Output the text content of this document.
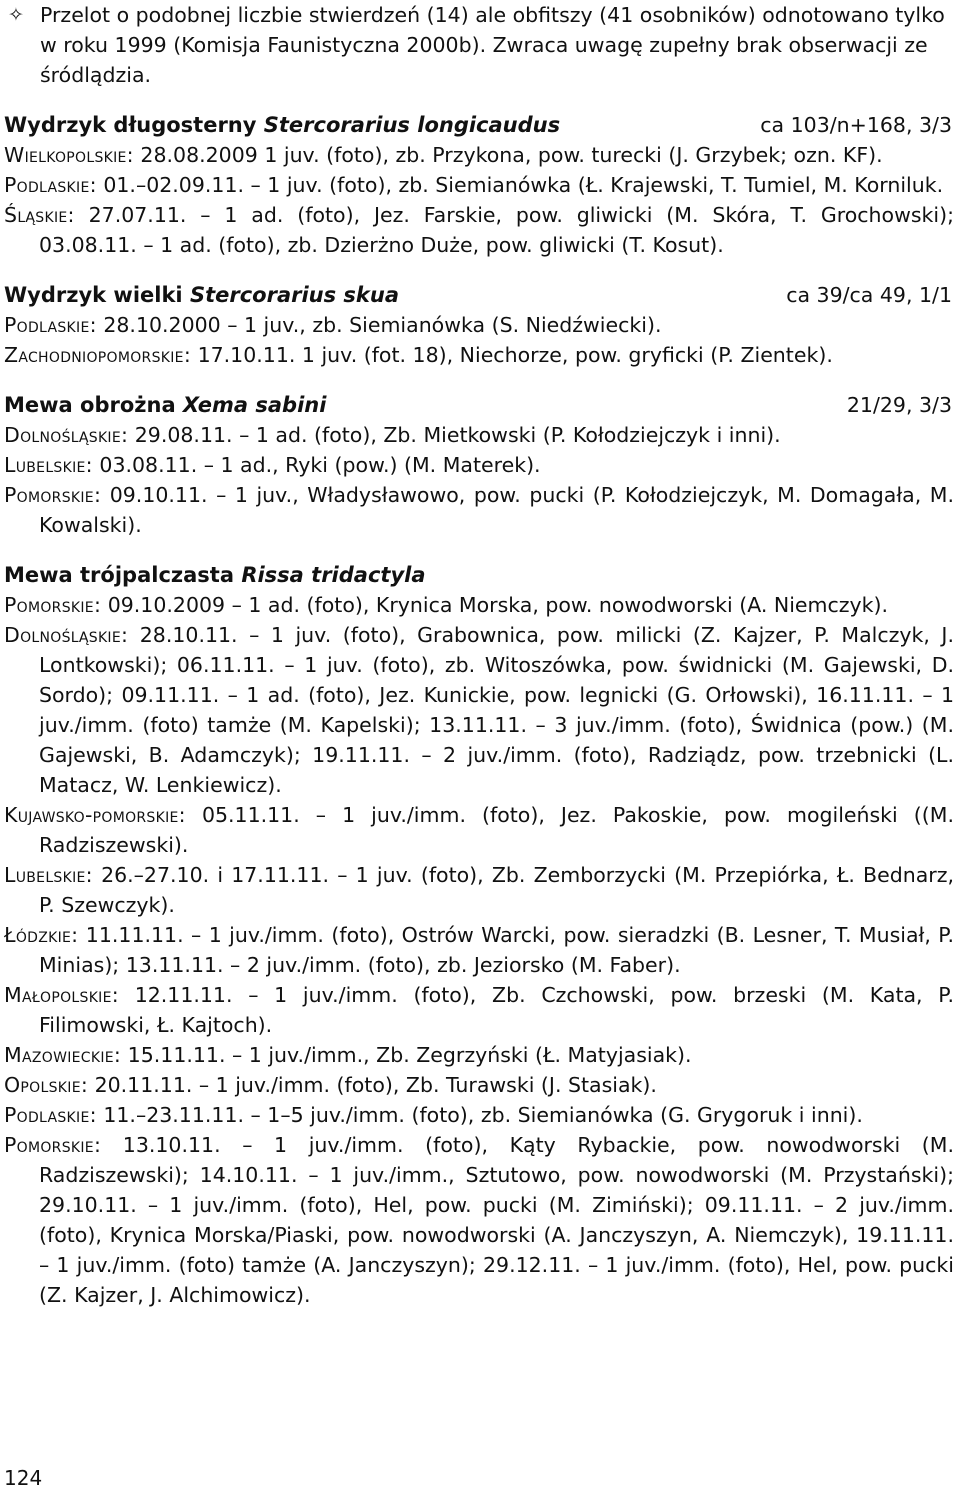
✧ Przelot o podobnej liczbie stwierdzeń (14) ale obfitszy (41 osobników) odnotowano tylko w roku 1999 (Komisja Faunistyczna 2000b). Zwraca uwagę zupełny brak obserwacji ze śródlądzia.
Wydrzyk długosterny Stercorarius longicaudus	ca 103/n+168, 3/3
Wielkopolskie: 28.08.2009 1 juv. (foto), zb. Przykona, pow. turecki (J. Grzybek; ozn. KF).
Podlaskie: 01.–02.09.11. – 1 juv. (foto), zb. Siemianówka (Ł. Krajewski, T. Tumiel, M. Korniluk.
Śląskie: 27.07.11. – 1 ad. (foto), Jez. Farskie, pow. gliwicki (M. Skóra, T. Grochowski); 03.08.11. – 1 ad. (foto), zb. Dzierżno Duże, pow. gliwicki (T. Kosut).
Wydrzyk wielki Stercorarius skua	ca 39/ca 49, 1/1
Podlaskie: 28.10.2000 – 1 juv., zb. Siemianówka (S. Niedźwiecki).
Zachodniopomorskie: 17.10.11. 1 juv. (fot. 18), Niechorze, pow. gryficki (P. Zientek).
Mewa obrożna Xema sabini	21/29, 3/3
Dolnośląskie: 29.08.11. – 1 ad. (foto), Zb. Mietkowski (P. Kołodziejczyk i inni).
Lubelskie: 03.08.11. – 1 ad., Ryki (pow.) (M. Materek).
Pomorskie: 09.10.11. – 1 juv., Władysławowo, pow. pucki (P. Kołodziejczyk, M. Domagała, M. Kowalski).
Mewa trójpalczasta Rissa tridactyla
Pomorskie: 09.10.2009 – 1 ad. (foto), Krynica Morska, pow. nowodworski (A. Niemczyk).
Dolnośląskie: 28.10.11. – 1 juv. (foto), Grabownica, pow. milicki (Z. Kajzer, P. Malczyk, J. Lontkowski); 06.11.11. – 1 juv. (foto), zb. Witoszówka, pow. świdnicki (M. Gajewski, D. Sordo); 09.11.11. – 1 ad. (foto), Jez. Kunickie, pow. legnicki (G. Orłowski), 16.11.11. – 1 juv./imm. (foto) tamże (M. Kapelski); 13.11.11. – 3 juv./imm. (foto), Świdnica (pow.) (M. Gajewski, B. Adamczyk); 19.11.11. – 2 juv./imm. (foto), Radziądz, pow. trzebnicki (L. Matacz, W. Lenkiewicz).
Kujawsko-pomorskie: 05.11.11. – 1 juv./imm. (foto), Jez. Pakoskie, pow. mogileński ((M. Radziszewski).
Lubelskie: 26.–27.10. i 17.11.11. – 1 juv. (foto), Zb. Zemborzycki (M. Przepiórka, Ł. Bednarz, P. Szewczyk).
Łódzkie: 11.11.11. – 1 juv./imm. (foto), Ostrów Warcki, pow. sieradzki (B. Lesner, T. Musiał, P. Minias); 13.11.11. – 2 juv./imm. (foto), zb. Jeziorsko (M. Faber).
Małopolskie: 12.11.11. – 1 juv./imm. (foto), Zb. Czchowski, pow. brzeski (M. Kata, P. Filimowski, Ł. Kajtoch).
Mazowieckie: 15.11.11. – 1 juv./imm., Zb. Zegrzyński (Ł. Matyjasiak).
Opolskie: 20.11.11. – 1 juv./imm. (foto), Zb. Turawski (J. Stasiak).
Podlaskie: 11.–23.11.11. – 1–5 juv./imm. (foto), zb. Siemianówka (G. Grygoruk i inni).
Pomorskie: 13.10.11. – 1 juv./imm. (foto), Kąty Rybackie, pow. nowodworski (M. Radziszewski); 14.10.11. – 1 juv./imm., Sztutowo, pow. nowodworski (M. Przystański); 29.10.11. – 1 juv./imm. (foto), Hel, pow. pucki (M. Zimiński); 09.11.11. – 2 juv./imm. (foto), Krynica Morska/Piaski, pow. nowodworski (A. Janczyszyn, A. Niemczyk), 19.11.11. – 1 juv./imm. (foto) tamże (A. Janczyszyn); 29.12.11. – 1 juv./imm. (foto), Hel, pow. pucki (Z. Kajzer, J. Alchimowicz).
124
